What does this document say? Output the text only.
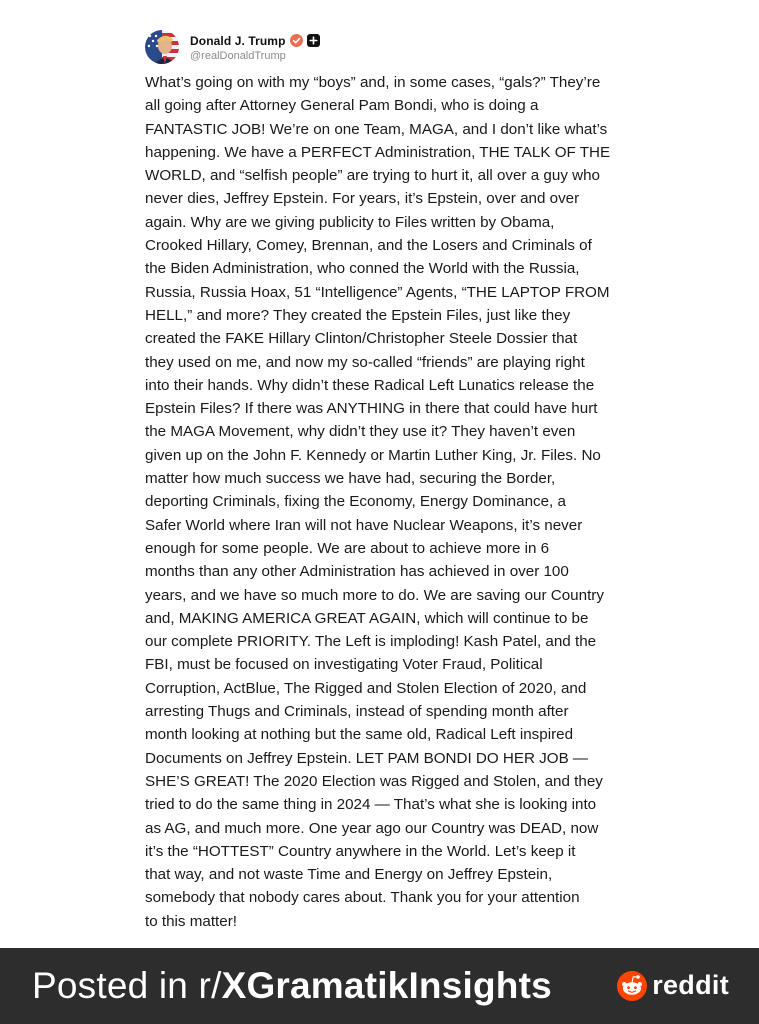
Donald J. Trump
@realDonaldTrump

What’s going on with my “boys” and, in some cases, “gals?” They’re
all going after Attorney General Pam Bondi, who is doing a
FANTASTIC JOB! We’re on one Team, MAGA, and I don’t like what’s
happening. We have a PERFECT Administration, THE TALK OF THE
WORLD, and “selfish people” are trying to hurt it, all over a guy who
never dies, Jeffrey Epstein. For years, it’s Epstein, over and over
again. Why are we giving publicity to Files written by Obama,
Crooked Hillary, Comey, Brennan, and the Losers and Criminals of
the Biden Administration, who conned the World with the Russia,
Russia, Russia Hoax, 51 “Intelligence” Agents, “THE LAPTOP FROM
HELL,” and more? They created the Epstein Files, just like they
created the FAKE Hillary Clinton/Christopher Steele Dossier that
they used on me, and now my so-called “friends” are playing right
into their hands. Why didn’t these Radical Left Lunatics release the
Epstein Files? If there was ANYTHING in there that could have hurt
the MAGA Movement, why didn’t they use it? They haven’t even
given up on the John F. Kennedy or Martin Luther King, Jr. Files. No
matter how much success we have had, securing the Border,
deporting Criminals, fixing the Economy, Energy Dominance, a
Safer World where Iran will not have Nuclear Weapons, it’s never
enough for some people. We are about to achieve more in 6
months than any other Administration has achieved in over 100
years, and we have so much more to do. We are saving our Country
and, MAKING AMERICA GREAT AGAIN, which will continue to be
our complete PRIORITY. The Left is imploding! Kash Patel, and the
FBI, must be focused on investigating Voter Fraud, Political
Corruption, ActBlue, The Rigged and Stolen Election of 2020, and
arresting Thugs and Criminals, instead of spending month after
month looking at nothing but the same old, Radical Left inspired
Documents on Jeffrey Epstein. LET PAM BONDI DO HER JOB —
SHE’S GREAT! The 2020 Election was Rigged and Stolen, and they
tried to do the same thing in 2024 — That’s what she is looking into
as AG, and much more. One year ago our Country was DEAD, now
it’s the “HOTTEST” Country anywhere in the World. Let’s keep it
that way, and not waste Time and Energy on Jeffrey Epstein,
somebody that nobody cares about. Thank you for your attention
to this matter!

Posted in r/XGramatikInsights	reddit
